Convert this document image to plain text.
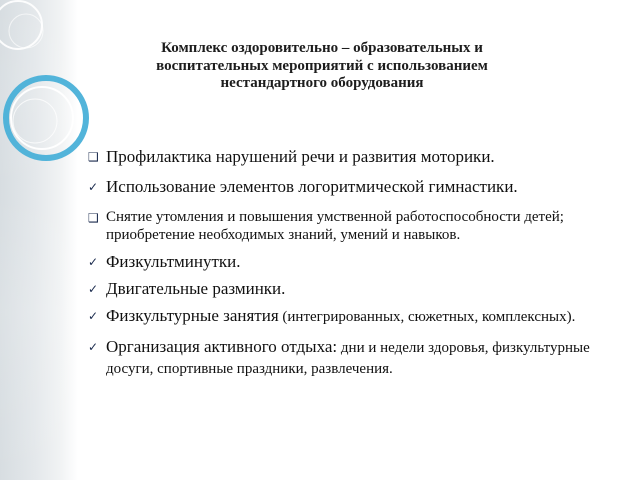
Комплекс оздоровительно – образовательных и воспитательных мероприятий с использованием нестандартного оборудования
❑ Профилактика нарушений речи и развития моторики.
✓ Использование элементов логоритмической гимнастики.
❑ Снятие утомления и повышения умственной работоспособности детей; приобретение необходимых знаний, умений и навыков.
✓ Физкультминутки.
✓ Двигательные разминки.
✓ Физкультурные занятия (интегрированных, сюжетных, комплексных).
✓ Организация активного отдыха: дни и недели здоровья, физкультурные досуги, спортивные праздники, развлечения.
